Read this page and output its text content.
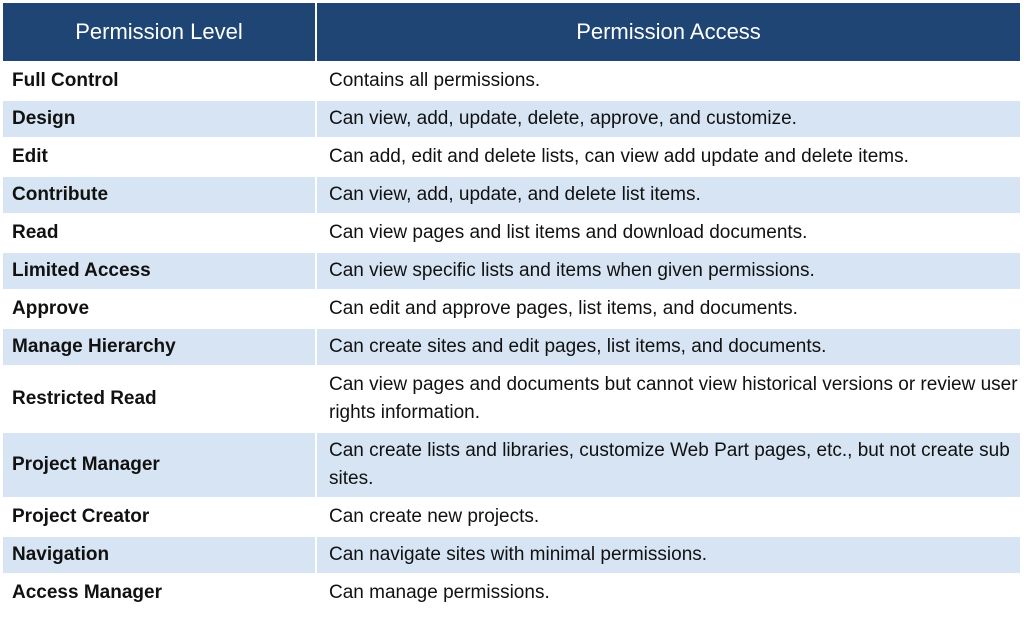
Permission Level	Permission Access
Full Control	Contains all permissions.
Design	Can view, add, update, delete, approve, and customize.
Edit	Can add, edit and delete lists, can view add update and delete items.
Contribute	Can view, add, update, and delete list items.
Read	Can view pages and list items and download documents.
Limited Access	Can view specific lists and items when given permissions.
Approve	Can edit and approve pages, list items, and documents.
Manage Hierarchy	Can create sites and edit pages, list items, and documents.
Restricted Read	Can view pages and documents but cannot view historical versions or review user rights information.
Project Manager	Can create lists and libraries, customize Web Part pages, etc., but not create sub sites.
Project Creator	Can create new projects.
Navigation	Can navigate sites with minimal permissions.
Access Manager	Can manage permissions.
